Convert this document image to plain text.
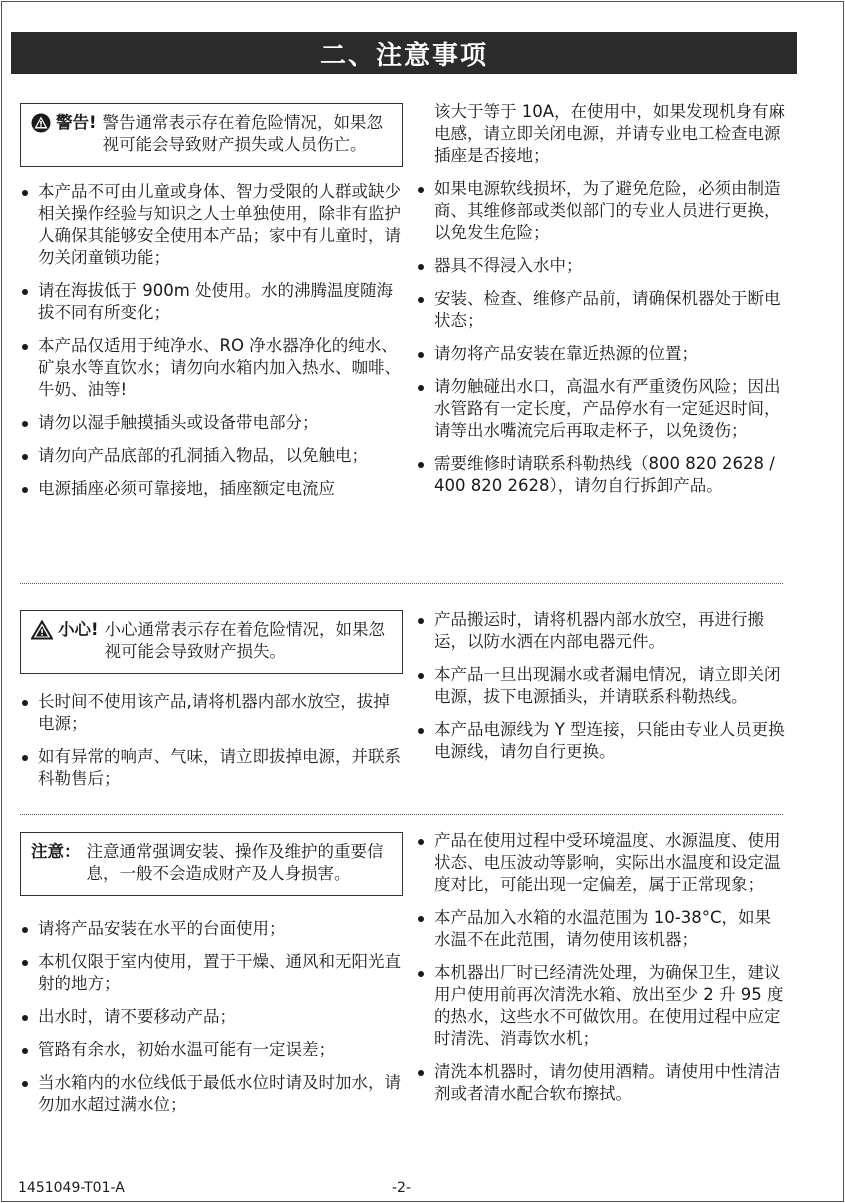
二、注意事项
警告! 警告通常表示存在着危险情况，如果忽视可能会导致财产损失或人员伤亡。
本产品不可由儿童或身体、智力受限的人群或缺少相关操作经验与知识之人士单独使用，除非有监护人确保其能够安全使用本产品；家中有儿童时，请勿关闭童锁功能；
请在海拔低于 900m 处使用。水的沸腾温度随海拔不同有所变化；
本产品仅适用于纯净水、RO 净水器净化的纯水、矿泉水等直饮水；请勿向水箱内加入热水、咖啡、牛奶、油等!
请勿以湿手触摸插头或设备带电部分；
请勿向产品底部的孔洞插入物品，以免触电；
电源插座必须可靠接地，插座额定电流应
该大于等于 10A，在使用中，如果发现机身有麻电感，请立即关闭电源，并请专业电工检查电源插座是否接地；
如果电源软线损坏，为了避免危险，必须由制造商、其维修部或类似部门的专业人员进行更换，以免发生危险；
器具不得浸入水中；
安装、检查、维修产品前，请确保机器处于断电状态；
请勿将产品安装在靠近热源的位置；
请勿触碰出水口，高温水有严重烫伤风险；因出水管路有一定长度，产品停水有一定延迟时间，请等出水嘴流完后再取走杯子，以免烫伤；
需要维修时请联系科勒热线（800 820 2628 / 400 820 2628），请勿自行拆卸产品。
小心! 小心通常表示存在着危险情况，如果忽视可能会导致财产损失。
长时间不使用该产品,请将机器内部水放空，拔掉电源；
如有异常的响声、气味，请立即拔掉电源，并联系科勒售后；
产品搬运时，请将机器内部水放空，再进行搬运，以防水洒在内部电器元件。
本产品一旦出现漏水或者漏电情况，请立即关闭电源，拔下电源插头，并请联系科勒热线。
本产品电源线为 Y 型连接，只能由专业人员更换电源线，请勿自行更换。
注意： 注意通常强调安装、操作及维护的重要信息，一般不会造成财产及人身损害。
请将产品安装在水平的台面使用；
本机仅限于室内使用，置于干燥、通风和无阳光直射的地方；
出水时，请不要移动产品；
管路有余水，初始水温可能有一定误差；
当水箱内的水位线低于最低水位时请及时加水，请勿加水超过满水位；
产品在使用过程中受环境温度、水源温度、使用状态、电压波动等影响，实际出水温度和设定温度对比，可能出现一定偏差，属于正常现象；
本产品加入水箱的水温范围为 10-38°C，如果水温不在此范围，请勿使用该机器；
本机器出厂时已经清洗处理，为确保卫生，建议用户使用前再次清洗水箱、放出至少 2 升 95 度的热水，这些水不可做饮用。在使用过程中应定时清洗、消毒饮水机；
清洗本机器时，请勿使用酒精。请使用中性清洁剂或者清水配合软布擦拭。
1451049-T01-A	-2-
